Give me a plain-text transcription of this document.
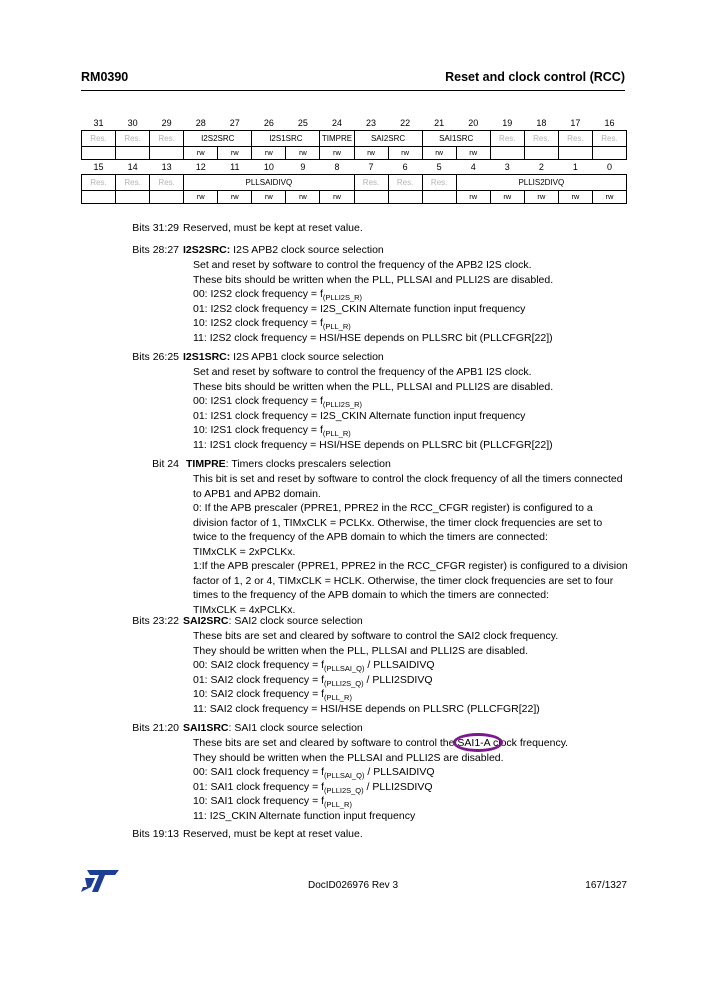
RM0390	Reset and clock control (RCC)
31	30	29	28	27	26	25	24	23	22	21	20	19	18	17	16
Res.	Res.	Res.	I2S2SRC		I2S1SRC		TIMPRE	SAI2SRC		SAI1SRC		Res.	Res.	Res.	Res.
			rw	rw	rw	rw	rw	rw	rw	rw	rw				
15	14	13	12	11	10	9	8	7	6	5	4	3	2	1	0
Res.	Res.	Res.	PLLSAIDIVQ					Res.	Res.	Res.	PLLIS2DIVQ				
			rw	rw	rw	rw	rw				rw	rw	rw	rw	rw
Bits 31:29 Reserved, must be kept at reset value.
Bits 28:27 I2S2SRC: I2S APB2 clock source selection
Set and reset by software to control the frequency of the APB2 I2S clock.
These bits should be written when the PLL, PLLSAI and PLLI2S are disabled.
00: I2S2 clock frequency = $f_{(PLLI2S\_R)}$
01: I2S2 clock frequency = I2S_CKIN Alternate function input frequency
10: I2S2 clock frequency = $f_{(PLL\_R)}$
11: I2S2 clock frequency = HSI/HSE depends on PLLSRC bit (PLLCFGR[22])
Bits 26:25 I2S1SRC: I2S APB1 clock source selection
Set and reset by software to control the frequency of the APB1 I2S clock.
These bits should be written when the PLL, PLLSAI and PLLI2S are disabled.
00: I2S1 clock frequency = $f_{(PLLI2S\_R)}$
01: I2S1 clock frequency = I2S_CKIN Alternate function input frequency
10: I2S1 clock frequency = $f_{(PLL\_R)}$
11: I2S1 clock frequency = HSI/HSE depends on PLLSRC bit (PLLCFGR[22])
Bit 24 TIMPRE: Timers clocks prescalers selection
This bit is set and reset by software to control the clock frequency of all the timers connected to APB1 and APB2 domain.
0: If the APB prescaler (PPRE1, PPRE2 in the RCC_CFGR register) is configured to a division factor of 1, TIMxCLK = PCLKx. Otherwise, the timer clock frequencies are set to twice to the frequency of the APB domain to which the timers are connected:
TIMxCLK = 2xPCLKx.
1:If the APB prescaler (PPRE1, PPRE2 in the RCC_CFGR register) is configured to a division factor of 1, 2 or 4, TIMxCLK = HCLK. Otherwise, the timer clock frequencies are set to four times to the frequency of the APB domain to which the timers are connected:
TIMxCLK = 4xPCLKx.
Bits 23:22 SAI2SRC: SAI2 clock source selection
These bits are set and cleared by software to control the SAI2 clock frequency.
They should be written when the PLL, PLLSAI and PLLI2S are disabled.
00: SAI2 clock frequency = $f_{(PLLSAI\_Q)}$ / PLLSAIDIVQ
01: SAI2 clock frequency = $f_{(PLLI2S\_Q)}$ / PLLI2SDIVQ
10: SAI2 clock frequency = $f_{(PLL\_R)}$
11: SAI2 clock frequency = HSI/HSE depends on PLLSRC (PLLCFGR[22])
Bits 21:20 SAI1SRC: SAI1 clock source selection
These bits are set and cleared by software to control the SAI1-A clock frequency.
They should be written when the PLLSAI and PLLI2S are disabled.
00: SAI1 clock frequency = $f_{(PLLSAI\_Q)}$ / PLLSAIDIVQ
01: SAI1 clock frequency = $f_{(PLLI2S\_Q)}$ / PLLI2SDIVQ
10: SAI1 clock frequency = $f_{(PLL\_R)}$
11: I2S_CKIN Alternate function input frequency
Bits 19:13 Reserved, must be kept at reset value.
DocID026976 Rev 3	167/1327
